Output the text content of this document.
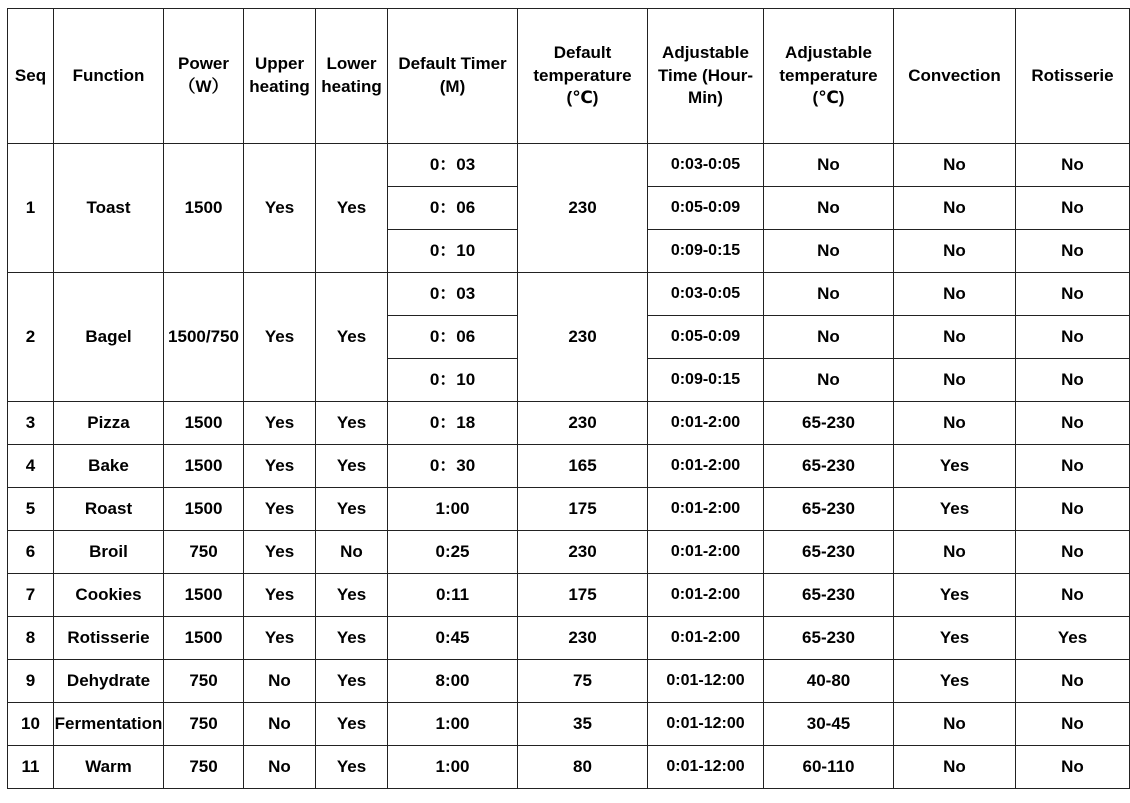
Seq	Function	Power（W）	Upper heating	Lower heating	Default Timer (M)	Default temperature (℃)	Adjustable Time (Hour-Min)	Adjustable temperature (℃)	Convection	Rotisserie
1	Toast	1500	Yes	Yes	0：03	230	0:03-0:05	No	No	No
					0：06		0:05-0:09	No	No	No
					0：10		0:09-0:15	No	No	No
2	Bagel	1500/750	Yes	Yes	0：03	230	0:03-0:05	No	No	No
					0：06		0:05-0:09	No	No	No
					0：10		0:09-0:15	No	No	No
3	Pizza	1500	Yes	Yes	0：18	230	0:01-2:00	65-230	No	No
4	Bake	1500	Yes	Yes	0：30	165	0:01-2:00	65-230	Yes	No
5	Roast	1500	Yes	Yes	1:00	175	0:01-2:00	65-230	Yes	No
6	Broil	750	Yes	No	0:25	230	0:01-2:00	65-230	No	No
7	Cookies	1500	Yes	Yes	0:11	175	0:01-2:00	65-230	Yes	No
8	Rotisserie	1500	Yes	Yes	0:45	230	0:01-2:00	65-230	Yes	Yes
9	Dehydrate	750	No	Yes	8:00	75	0:01-12:00	40-80	Yes	No
10	Fermentation	750	No	Yes	1:00	35	0:01-12:00	30-45	No	No
11	Warm	750	No	Yes	1:00	80	0:01-12:00	60-110	No	No
